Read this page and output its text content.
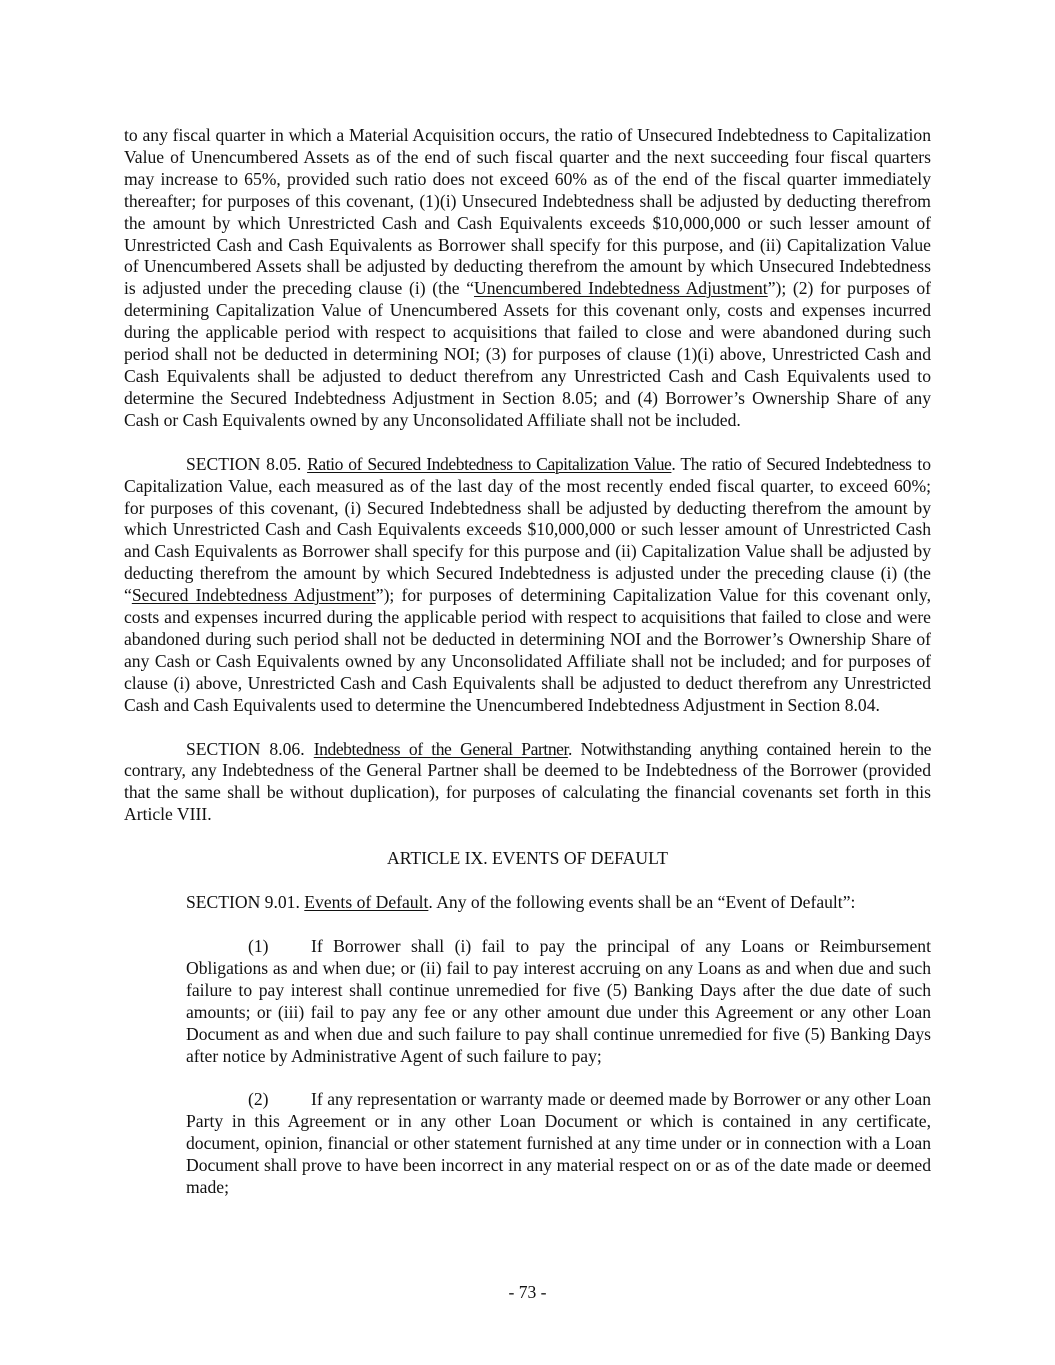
to any fiscal quarter in which a Material Acquisition occurs, the ratio of Unsecured Indebtedness to Capitalization Value of Unencumbered Assets as of the end of such fiscal quarter and the next succeeding four fiscal quarters may increase to 65%, provided such ratio does not exceed 60% as of the end of the fiscal quarter immediately thereafter; for purposes of this covenant, (1)(i) Unsecured Indebtedness shall be adjusted by deducting therefrom the amount by which Unrestricted Cash and Cash Equivalents exceeds $10,000,000 or such lesser amount of Unrestricted Cash and Cash Equivalents as Borrower shall specify for this purpose, and (ii) Capitalization Value of Unencumbered Assets shall be adjusted by deducting therefrom the amount by which Unsecured Indebtedness is adjusted under the preceding clause (i) (the “Unencumbered Indebtedness Adjustment”); (2) for purposes of determining Capitalization Value of Unencumbered Assets for this covenant only, costs and expenses incurred during the applicable period with respect to acquisitions that failed to close and were abandoned during such period shall not be deducted in determining NOI; (3) for purposes of clause (1)(i) above, Unrestricted Cash and Cash Equivalents shall be adjusted to deduct therefrom any Unrestricted Cash and Cash Equivalents used to determine the Secured Indebtedness Adjustment in Section 8.05; and (4) Borrower’s Ownership Share of any Cash or Cash Equivalents owned by any Unconsolidated Affiliate shall not be included.

SECTION 8.05. Ratio of Secured Indebtedness to Capitalization Value. The ratio of Secured Indebtedness to Capitalization Value, each measured as of the last day of the most recently ended fiscal quarter, to exceed 60%; for purposes of this covenant, (i) Secured Indebtedness shall be adjusted by deducting therefrom the amount by which Unrestricted Cash and Cash Equivalents exceeds $10,000,000 or such lesser amount of Unrestricted Cash and Cash Equivalents as Borrower shall specify for this purpose and (ii) Capitalization Value shall be adjusted by deducting therefrom the amount by which Secured Indebtedness is adjusted under the preceding clause (i) (the “Secured Indebtedness Adjustment”); for purposes of determining Capitalization Value for this covenant only, costs and expenses incurred during the applicable period with respect to acquisitions that failed to close and were abandoned during such period shall not be deducted in determining NOI and the Borrower’s Ownership Share of any Cash or Cash Equivalents owned by any Unconsolidated Affiliate shall not be included; and for purposes of clause (i) above, Unrestricted Cash and Cash Equivalents shall be adjusted to deduct therefrom any Unrestricted Cash and Cash Equivalents used to determine the Unencumbered Indebtedness Adjustment in Section 8.04.

SECTION 8.06. Indebtedness of the General Partner. Notwithstanding anything contained herein to the contrary, any Indebtedness of the General Partner shall be deemed to be Indebtedness of the Borrower (provided that the same shall be without duplication), for purposes of calculating the financial covenants set forth in this Article VIII.

ARTICLE IX. EVENTS OF DEFAULT

SECTION 9.01. Events of Default. Any of the following events shall be an “Event of Default”:

(1) If Borrower shall (i) fail to pay the principal of any Loans or Reimbursement Obligations as and when due; or (ii) fail to pay interest accruing on any Loans as and when due and such failure to pay interest shall continue unremedied for five (5) Banking Days after the due date of such amounts; or (iii) fail to pay any fee or any other amount due under this Agreement or any other Loan Document as and when due and such failure to pay shall continue unremedied for five (5) Banking Days after notice by Administrative Agent of such failure to pay;

(2) If any representation or warranty made or deemed made by Borrower or any other Loan Party in this Agreement or in any other Loan Document or which is contained in any certificate, document, opinion, financial or other statement furnished at any time under or in connection with a Loan Document shall prove to have been incorrect in any material respect on or as of the date made or deemed made;

- 73 -
